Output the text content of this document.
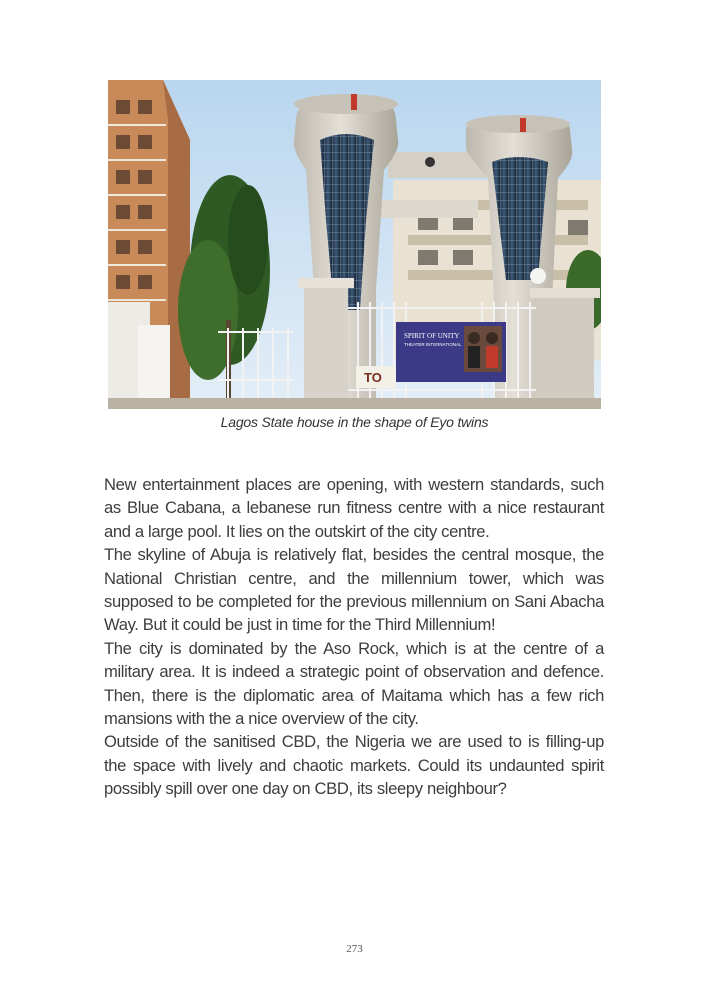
SPIRIT OF UNITY
THEATER INTERNATIONAL
TO
Lagos State house in the shape of Eyo twins

New entertainment places are opening, with western standards, such as Blue Cabana, a lebanese run fitness centre with a nice restaurant and a large pool. It lies on the outskirt of the city centre.

The skyline of Abuja is relatively flat, besides the central mosque, the National Christian centre, and the millennium tower, which was supposed to be completed for the previous millennium on Sani Abacha Way. But it could be just in time for the Third Millennium!

The city is dominated by the Aso Rock, which is at the centre of a military area. It is indeed a strategic point of observation and defence. Then, there is the diplomatic area of Maitama which has a few rich mansions with the a nice overview of the city.

Outside of the sanitised CBD, the Nigeria we are used to is filling-up the space with lively and chaotic markets. Could its undaunted spirit possibly spill over one day on CBD, its sleepy neighbour?

273
